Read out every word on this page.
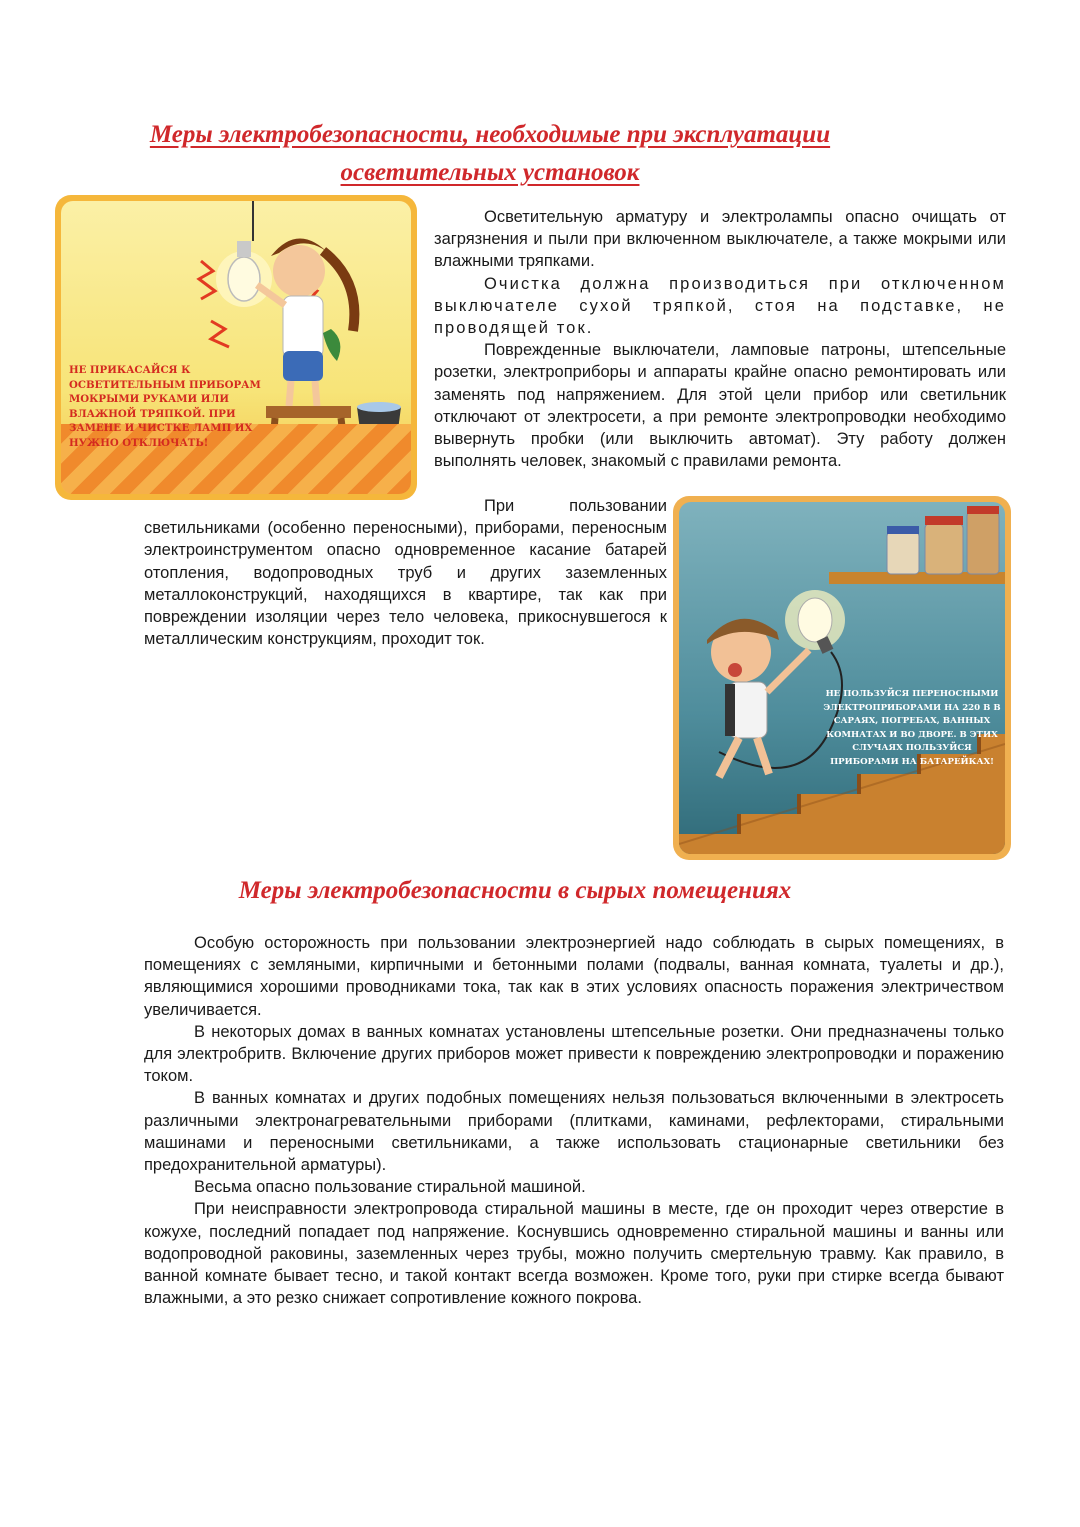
Меры электробезопасности, необходимые при эксплуатации
осветительных установок
НЕ ПРИКАСАЙСЯ К ОСВЕТИТЕЛЬНЫМ ПРИБОРАМ МОКРЫМИ РУКАМИ ИЛИ ВЛАЖНОЙ ТРЯПКОЙ. ПРИ ЗАМЕНЕ И ЧИСТКЕ ЛАМП ИХ НУЖНО ОТКЛЮЧАТЬ!

Осветительную арматуру и электролампы опасно очищать от загрязнения и пыли при включенном выключателе, а также мокрыми или влажными тряпками.

Очистка должна производиться при отключенном выключателе сухой тряпкой, стоя на подставке, не проводящей ток.

Поврежденные выключатели, ламповые патроны, штепсельные розетки, электроприборы и аппараты крайне опасно ремонтировать или заменять под напряжением. Для этой цели прибор или светильник отключают от электросети, а при ремонте электропроводки необходимо вывернуть пробки (или выключить автомат). Эту работу должен выполнять человек, знакомый с правилами ремонта.

При пользовании светильниками (особенно переносными), приборами, переносным электроинструментом опасно одновременное касание батарей отопления, водопроводных труб и других заземленных металлоконструкций, находящихся в квартире, так как при повреждении изоляции через тело человека, прикоснувшегося к металлическим конструкциям, проходит ток.

НЕ ПОЛЬЗУЙСЯ ПЕРЕНОСНЫМИ ЭЛЕКТРОПРИБОРАМИ НА 220 В В САРАЯХ, ПОГРЕБАХ, ВАННЫХ КОМНАТАХ И ВО ДВОРЕ. В ЭТИХ СЛУЧАЯХ ПОЛЬЗУЙСЯ ПРИБОРАМИ НА БАТАРЕЙКАХ!
Меры электробезопасности в сырых помещениях

Особую осторожность при пользовании электроэнергией надо соблюдать в сырых помещениях, в помещениях с земляными, кирпичными и бетонными полами (подвалы, ванная комната, туалеты и др.), являющимися хорошими проводниками тока, так как в этих условиях опасность поражения электричеством увеличивается.

В некоторых домах в ванных комнатах установлены штепсельные розетки. Они предназначены только для электробритв. Включение других приборов может привести к повреждению электропроводки и поражению током.

В ванных комнатах и других подобных помещениях нельзя пользоваться включенными в электросеть различными электронагревательными приборами (плитками, каминами, рефлекторами, стиральными машинами и переносными светильниками, а также использовать стационарные светильники без предохранительной арматуры).

Весьма опасно пользование стиральной машиной.

При неисправности электропровода стиральной машины в месте, где он проходит через отверстие в кожухе, последний попадает под напряжение. Коснувшись одновременно стиральной машины и ванны или водопроводной раковины, заземленных через трубы, можно получить смертельную травму. Как правило, в ванной комнате бывает тесно, и такой контакт всегда возможен. Кроме того, руки при стирке всегда бывают влажными, а это резко снижает сопротивление кожного покрова.
